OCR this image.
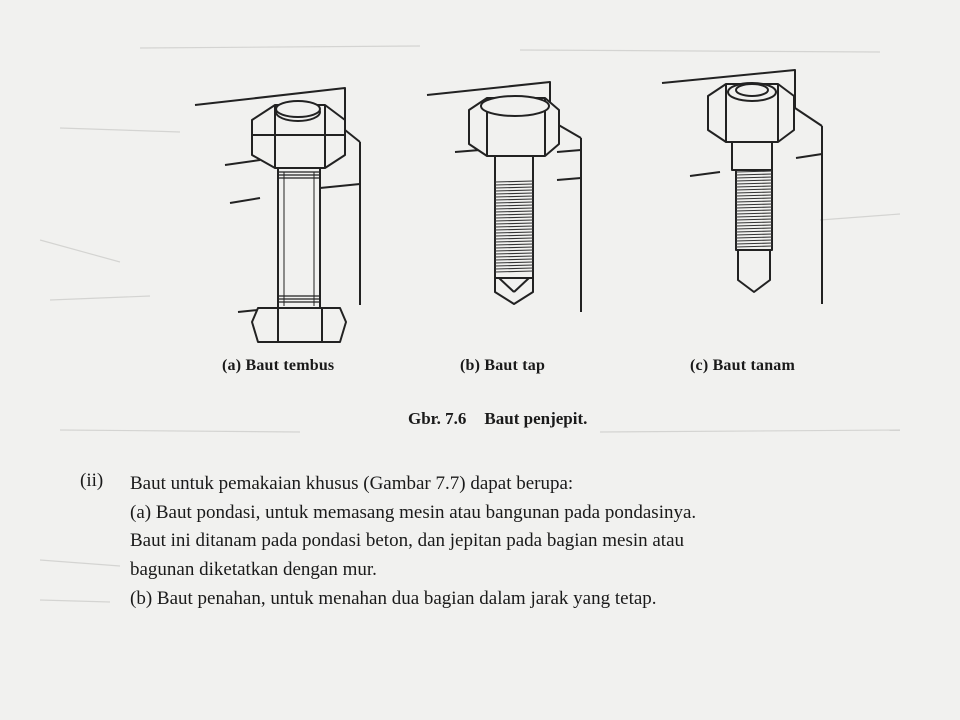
(a) Baut tembus	(b) Baut tap	(c) Baut tanam
Gbr. 7.6 Baut penjepit.
(ii) Baut untuk pemakaian khusus (Gambar 7.7) dapat berupa:
(a) Baut pondasi, untuk memasang mesin atau bangunan pada pondasinya.
Baut ini ditanam pada pondasi beton, dan jepitan pada bagian mesin atau
bagunan diketatkan dengan mur.
(b) Baut penahan, untuk menahan dua bagian dalam jarak yang tetap.
